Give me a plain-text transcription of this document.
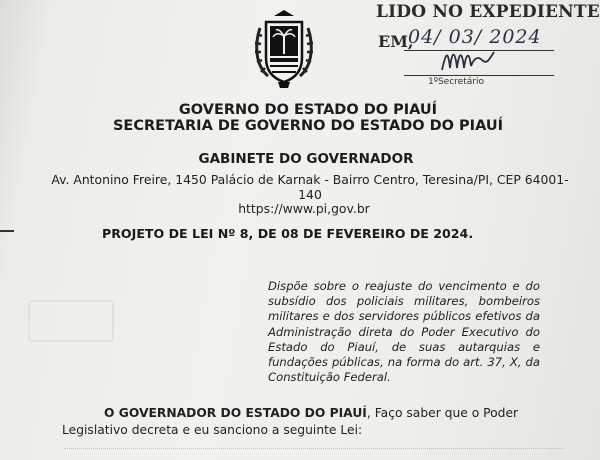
LIDO NO EXPEDIENTE
EM,
04/ 03/ 2024
1ºSecretário
GOVERNO DO ESTADO DO PIAUÍ
SECRETARIA DE GOVERNO DO ESTADO DO PIAUÍ
GABINETE DO GOVERNADOR
Av. Antonino Freire, 1450 Palácio de Karnak - Bairro Centro, Teresina/PI, CEP 64001-140
https://www.pi,gov.br
PROJETO DE LEI Nº 8, DE 08 DE FEVEREIRO DE 2024.
Dispõe sobre o reajuste do vencimento e do subsídio dos policiais militares, bombeiros militares e dos servidores públicos efetivos da Administração direta do Poder Executivo do Estado do Piauí, de suas autarquias e fundações públicas, na forma do art. 37, X, da Constituição Federal.
O GOVERNADOR DO ESTADO DO PIAUÍ, Faço saber que o Poder
Legislativo decreta e eu sanciono a seguinte Lei:
